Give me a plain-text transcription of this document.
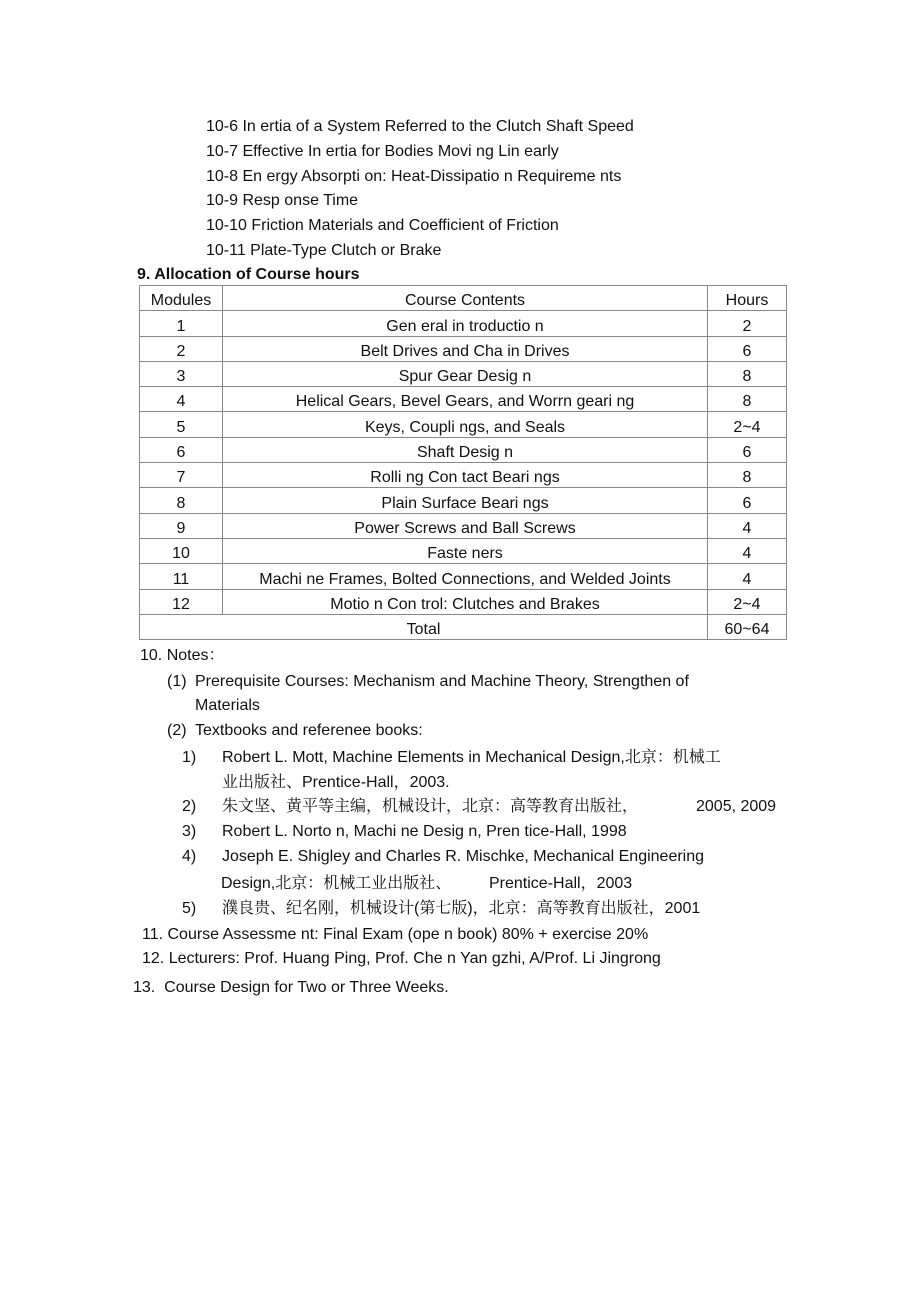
10-6 In ertia of a System Referred to the Clutch Shaft Speed
10-7 Effective In ertia for Bodies Movi ng Lin early
10-8 En ergy Absorpti on: Heat-Dissipatio n Requireme nts
10-9 Resp onse Time
10-10 Friction Materials and Coefficient of Friction
10-11 Plate-Type Clutch or Brake
9. Allocation of Course hours
Modules	Course Contents	Hours
1	Gen eral in troductio n	2
2	Belt Drives and Cha in Drives	6
3	Spur Gear Desig n	8
4	Helical Gears, Bevel Gears, and Worrn geari ng	8
5	Keys, Coupli ngs, and Seals	2~4
6	Shaft Desig n	6
7	Rolli ng Con tact Beari ngs	8
8	Plain Surface Beari ngs	6
9	Power Screws and Ball Screws	4
10	Faste ners	4
11	Machi ne Frames, Bolted Connections, and Welded Joints	4
12	Motio n Con trol: Clutches and Brakes	2~4
Total		60~64
10. Notes：
(1) Prerequisite Courses: Mechanism and Machine Theory, Strengthen of
Materials
(2) Textbooks and referenee books:
1) Robert L. Mott, Machine Elements in Mechanical Design,北京：机械工
业出版社、Prentice-Hall，2003.
2) 朱文坚、黄平等主编，机械设计，北京：高等教育出版社，	2005, 2009
3) Robert L. Norto n, Machi ne Desig n, Pren tice-Hall, 1998
4) Joseph E. Shigley and Charles R. Mischke, Mechanical Engineering
Design,北京：机械工业出版社、 Prentice-Hall，2003
5) 濮良贵、纪名刚，机械设计(第七版)，北京：高等教育出版社，2001
11. Course Assessme nt: Final Exam (ope n book) 80% + exercise 20%
12. Lecturers: Prof. Huang Ping, Prof. Che n Yan gzhi, A/Prof. Li Jingrong
13.  Course Design for Two or Three Weeks.
